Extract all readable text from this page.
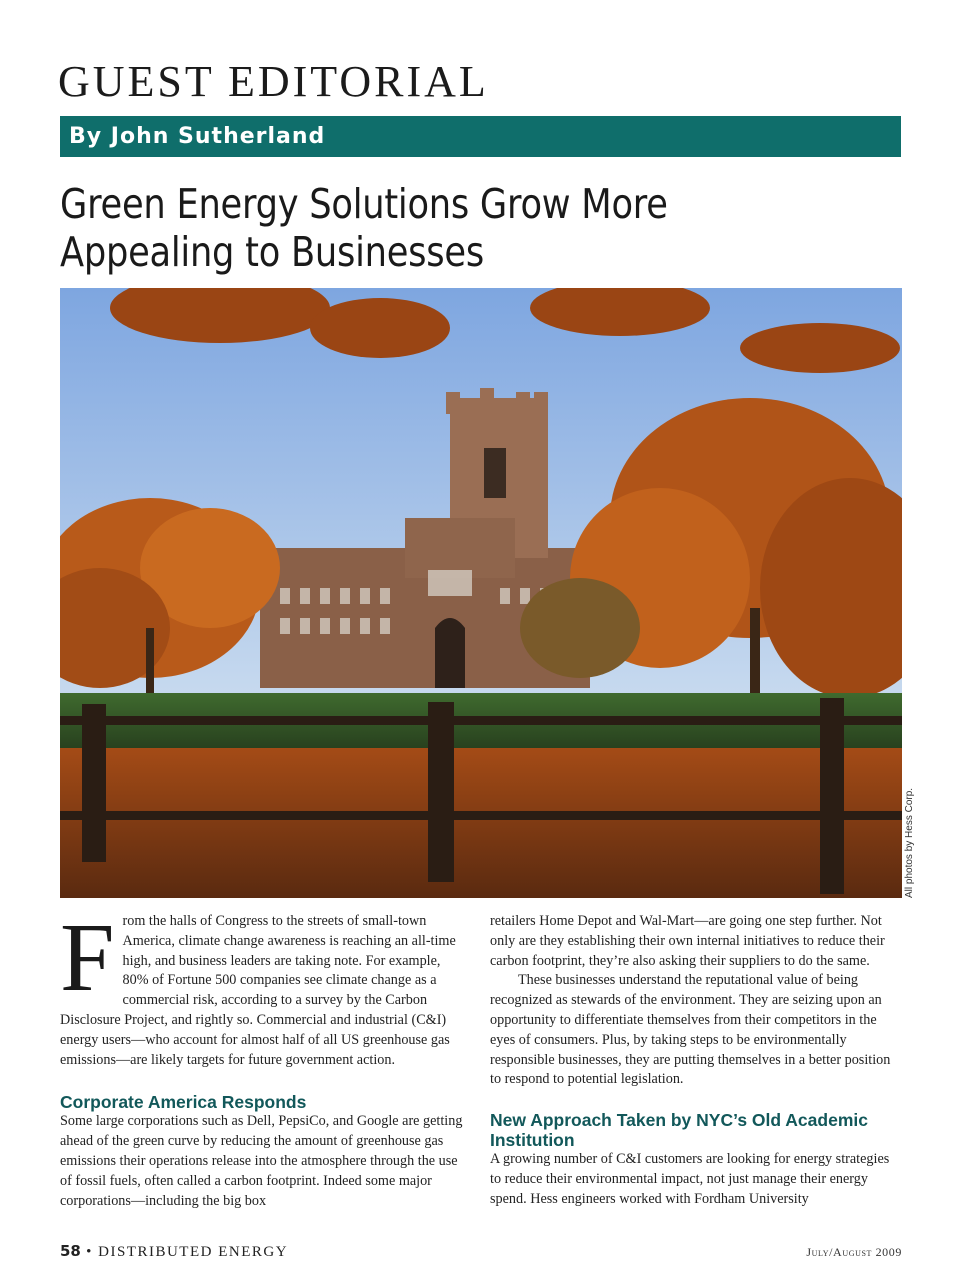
GUEST EDITORIAL
By John Sutherland
Green Energy Solutions Grow More Appealing to Businesses
All photos by Hess Corp.

From the halls of Congress to the streets of small-town America, climate change awareness is reaching an all-time high, and business leaders are taking note. For example, 80% of Fortune 500 companies see climate change as a commercial risk, according to a survey by the Carbon Disclosure Project, and rightly so. Commercial and industrial (C&I) energy users—who account for almost half of all US greenhouse gas emissions—are likely targets for future government action.

Corporate America Responds

Some large corporations such as Dell, PepsiCo, and Google are getting ahead of the green curve by reducing the amount of greenhouse gas emissions their operations release into the atmosphere through the use of fossil fuels, often called a carbon footprint. Indeed some major corporations—including the big box

retailers Home Depot and Wal-Mart—are going one step further. Not only are they establishing their own internal initiatives to reduce their carbon footprint, they’re also asking their suppliers to do the same.

These businesses understand the reputational value of being recognized as stewards of the environment. They are seizing upon an opportunity to differentiate themselves from their competitors in the eyes of consumers. Plus, by taking steps to be environmentally responsible businesses, they are putting themselves in a better position to respond to potential legislation.

New Approach Taken by NYC’s Old Academic Institution

A growing number of C&I customers are looking for energy strategies to reduce their environmental impact, not just manage their energy spend. Hess engineers worked with Fordham University

58 • DISTRIBUTED ENERGY	July/August 2009
